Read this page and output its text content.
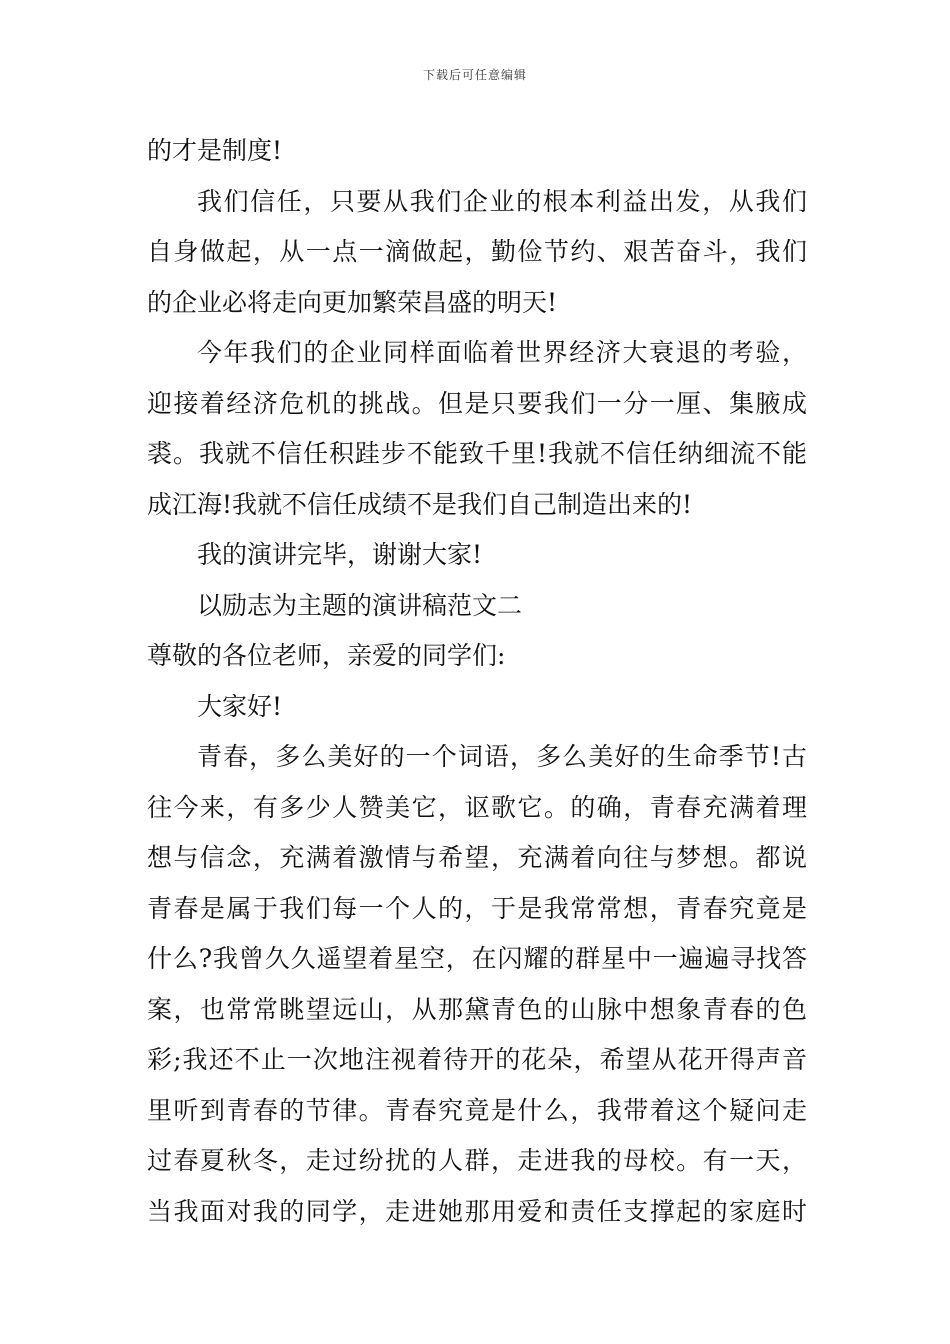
下载后可任意编辑
的才是制度!
我们信任，只要从我们企业的根本利益出发，从我们
自身做起，从一点一滴做起，勤俭节约、艰苦奋斗，我们
的企业必将走向更加繁荣昌盛的明天!
今年我们的企业同样面临着世界经济大衰退的考验，
迎接着经济危机的挑战。但是只要我们一分一厘、集腋成
裘。我就不信任积跬步不能致千里!我就不信任纳细流不能
成江海!我就不信任成绩不是我们自己制造出来的!
我的演讲完毕，谢谢大家!
以励志为主题的演讲稿范文二
尊敬的各位老师，亲爱的同学们:
大家好!
青春，多么美好的一个词语，多么美好的生命季节!古
往今来，有多少人赞美它，讴歌它。的确，青春充满着理
想与信念，充满着激情与希望，充满着向往与梦想。都说
青春是属于我们每一个人的，于是我常常想，青春究竟是
什么?我曾久久遥望着星空，在闪耀的群星中一遍遍寻找答
案，也常常眺望远山，从那黛青色的山脉中想象青春的色
彩;我还不止一次地注视着待开的花朵，希望从花开得声音
里听到青春的节律。青春究竟是什么，我带着这个疑问走
过春夏秋冬，走过纷扰的人群，走进我的母校。有一天，
当我面对我的同学，走进她那用爱和责任支撑起的家庭时
